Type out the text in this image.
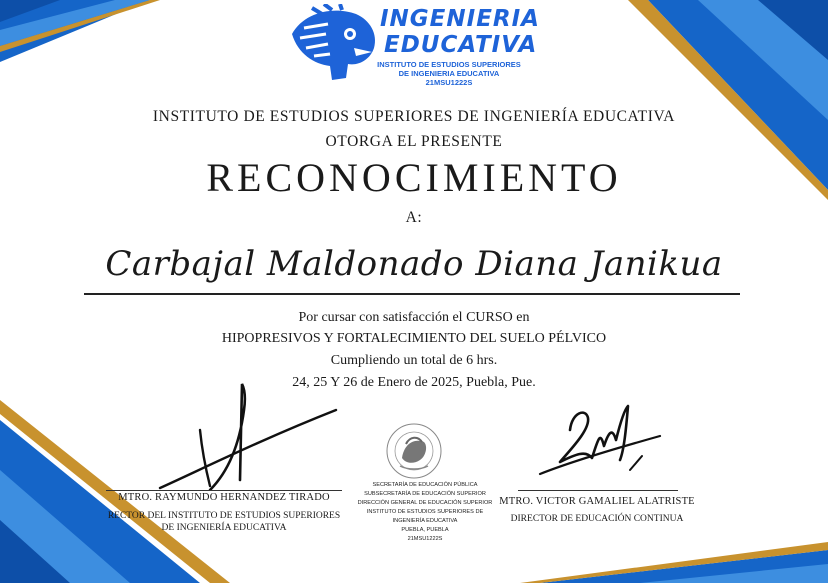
INGENIERIA
EDUCATIVA
INSTITUTO DE ESTUDIOS SUPERIORES
DE INGENIERIA EDUCATIVA
21MSU1222S
INSTITUTO DE ESTUDIOS SUPERIORES DE INGENIERÍA EDUCATIVA
OTORGA EL PRESENTE
RECONOCIMIENTO
A:
Carbajal Maldonado Diana Janikua
Por cursar con satisfacción el CURSO en
HIPOPRESIVOS Y FORTALECIMIENTO DEL SUELO PÉLVICO
Cumpliendo un total de 6 hrs.
24, 25 Y 26 de Enero de 2025, Puebla, Pue.
MTRO. RAYMUNDO HERNANDEZ TIRADO
RECTOR DEL INSTITUTO DE ESTUDIOS SUPERIORES
DE INGENIERÍA EDUCATIVA
SECRETARÍA DE EDUCACIÓN PÚBLICA
SUBSECRETARÍA DE EDUCACIÓN SUPERIOR
DIRECCIÓN GENERAL DE EDUCACIÓN SUPERIOR
INSTITUTO DE ESTUDIOS SUPERIORES DE
INGENIERÍA EDUCATIVA
PUEBLA, PUEBLA
21MSU1222S
MTRO. VICTOR GAMALIEL ALATRISTE
DIRECTOR DE EDUCACIÓN CONTINUA
